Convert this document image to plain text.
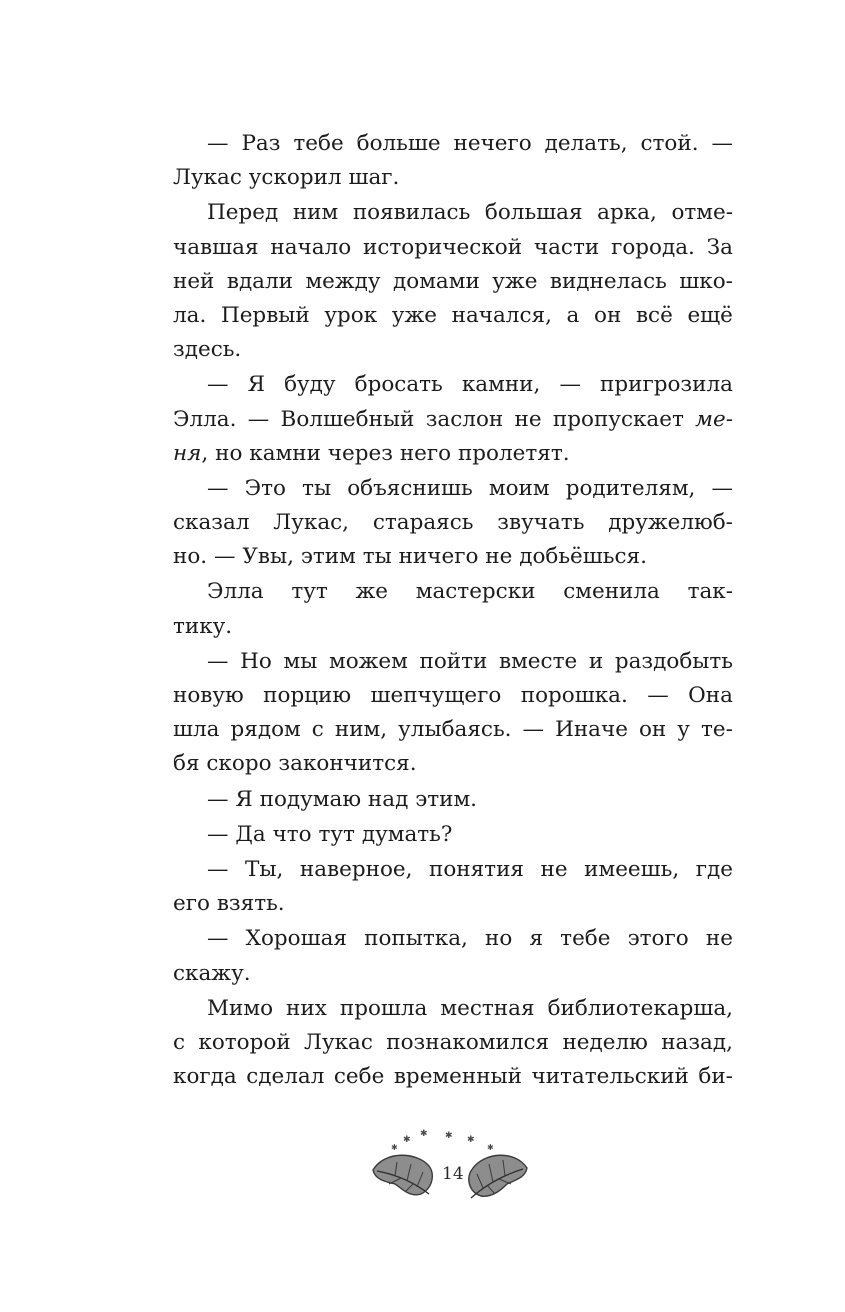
— Раз тебе больше нечего делать, стой. —
Лукас ускорил шаг.
Перед ним появилась большая арка, отме-
чавшая начало исторической части города. За
ней вдали между домами уже виднелась шко-
ла. Первый урок уже начался, а он всё ещё
здесь.
— Я буду бросать камни, — пригрозила
Элла. — Волшебный заслон не пропускает ме-
ня, но камни через него пролетят.
— Это ты объяснишь моим родителям, —
сказал Лукас, стараясь звучать дружелюб-
но. — Увы, этим ты ничего не добьёшься.
Элла тут же мастерски сменила так-
тику.
— Но мы можем пойти вместе и раздобыть
новую порцию шепчущего порошка. — Она
шла рядом с ним, улыбаясь. — Иначе он у те-
бя скоро закончится.
— Я подумаю над этим.
— Да что тут думать?
— Ты, наверное, понятия не имеешь, где
его взять.
— Хорошая попытка, но я тебе этого не
скажу.
Мимо них прошла местная библиотекарша,
с которой Лукас познакомился неделю назад,
когда сделал себе временный читательский би-
✱
✱ ✱ ✱
✱
✱
14
